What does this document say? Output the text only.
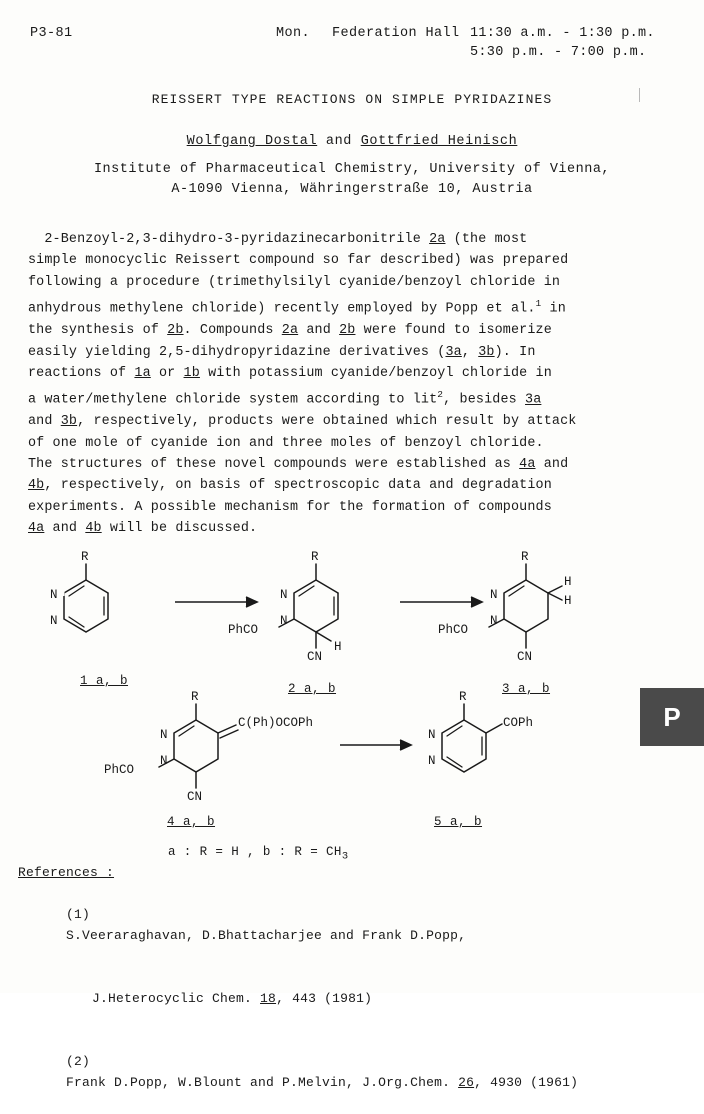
P3-81	Mon. Federation Hall 11:30 a.m. - 1:30 p.m.
5:30 p.m. - 7:00 p.m.
REISSERT TYPE REACTIONS ON SIMPLE PYRIDAZINES
Wolfgang Dostal and Gottfried Heinisch
Institute of Pharmaceutical Chemistry, University of Vienna,
A-1090 Vienna, Währingerstraße 10, Austria
2-Benzoyl-2,3-dihydro-3-pyridazinecarbonitrile 2a (the most
simple monocyclic Reissert compound so far described) was prepared
following a procedure (trimethylsilyl cyanide/benzoyl chloride in
anhydrous methylene chloride) recently employed by Popp et al.$^1$ in
the synthesis of 2b. Compounds 2a and 2b were found to isomerize
easily yielding 2,5-dihydropyridazine derivatives (3a, 3b). In
reactions of 1a or 1b with potassium cyanide/benzoyl chloride in
a water/methylene chloride system according to lit$^2$, besides 3a
and 3b, respectively, products were obtained which result by attack
of one mole of cyanide ion and three moles of benzoyl chloride.
The structures of these novel compounds were established as 4a and
4b, respectively, on basis of spectroscopic data and degradation
experiments. A possible mechanism for the formation of compounds
4a and 4b will be discussed.
R
N
N
R
N
N
CN
H
PhCO
R
N
N
CN
H
H
PhCO
R
N
N
CN
C(Ph)OCOPh
PhCO
R
N
N
COPh
1 a, b
2 a, b	3 a, b
4 a, b	5 a, b
a : R = H , b : $R = CH_3$
References :

(1)
S.Veeraraghavan, D.Bhattacharjee and Frank D.Popp,

J.Heterocyclic Chem. 18, 443 (1981)

(2)
Frank D.Popp, W.Blount and P.Melvin, J.Org.Chem. 26, 4930 (1961)

P
